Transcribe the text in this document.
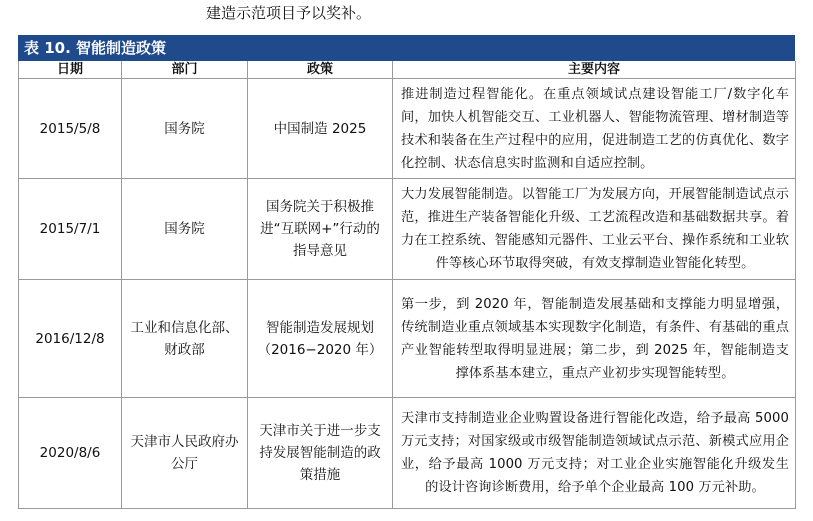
建造示范项目予以奖补。
表 10. 智能制造政策
日期	部门	政策	主要内容
2015/5/8	国务院	中国制造 2025	推进制造过程智能化。在重点领域试点建设智能工厂/数字化车间，加快人机智能交互、工业机器人、智能物流管理、增材制造等技术和装备在生产过程中的应用，促进制造工艺的仿真优化、数字化控制、状态信息实时监测和自适应控制。
2015/7/1	国务院	国务院关于积极推进“互联网+”行动的指导意见	大力发展智能制造。以智能工厂为发展方向，开展智能制造试点示范，推进生产装备智能化升级、工艺流程改造和基础数据共享。着力在工控系统、智能感知元器件、工业云平台、操作系统和工业软件等核心环节取得突破，有效支撑制造业智能化转型。
2016/12/8	工业和信息化部、财政部	智能制造发展规划（2016−2020 年）	第一步，到 2020 年，智能制造发展基础和支撑能力明显增强，传统制造业重点领域基本实现数字化制造，有条件、有基础的重点产业智能转型取得明显进展；第二步，到 2025 年，智能制造支撑体系基本建立，重点产业初步实现智能转型。
2020/8/6	天津市人民政府办公厅	天津市关于进一步支持发展智能制造的政策措施	天津市支持制造业企业购置设备进行智能化改造，给予最高 5000 万元支持；对国家级或市级智能制造领域试点示范、新模式应用企业，给予最高 1000 万元支持；对工业企业实施智能化升级发生的设计咨询诊断费用，给予单个企业最高 100 万元补助。
